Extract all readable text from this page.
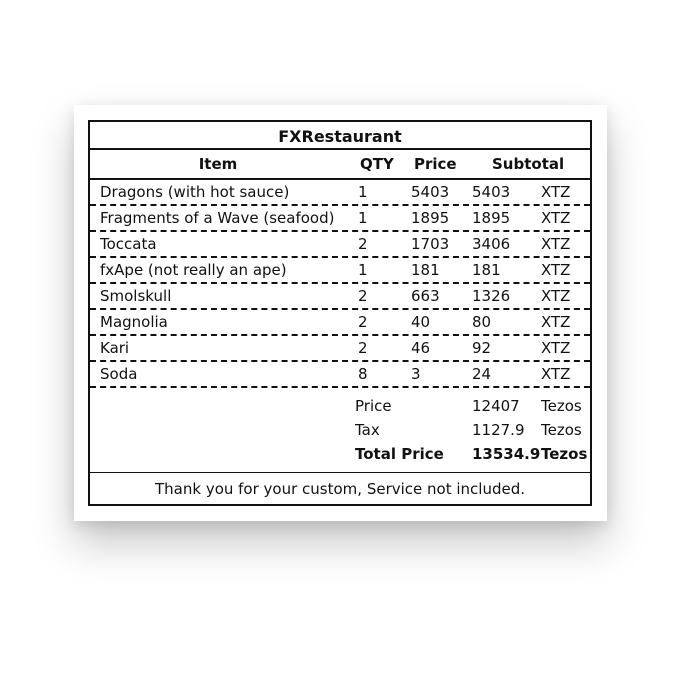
FXRestaurant
Item	QTY Price Subtotal
Dragons (with hot sauce)	1	5403 5403 XTZ
Fragments of a Wave (seafood) 1	1895 1895 XTZ
Toccata	2	1703 3406 XTZ
fxApe (not really an ape)	1	181 181	XTZ
Smolskull	2	663 1326 XTZ
Magnolia	2	40	80	XTZ
Kari	2	46	92	XTZ
Soda	8	3	24	XTZ
Price	12407 Tezos
Tax	1127.9 Tezos
Total Price 13534.9 Tezos
Thank you for your custom, Service not included.
